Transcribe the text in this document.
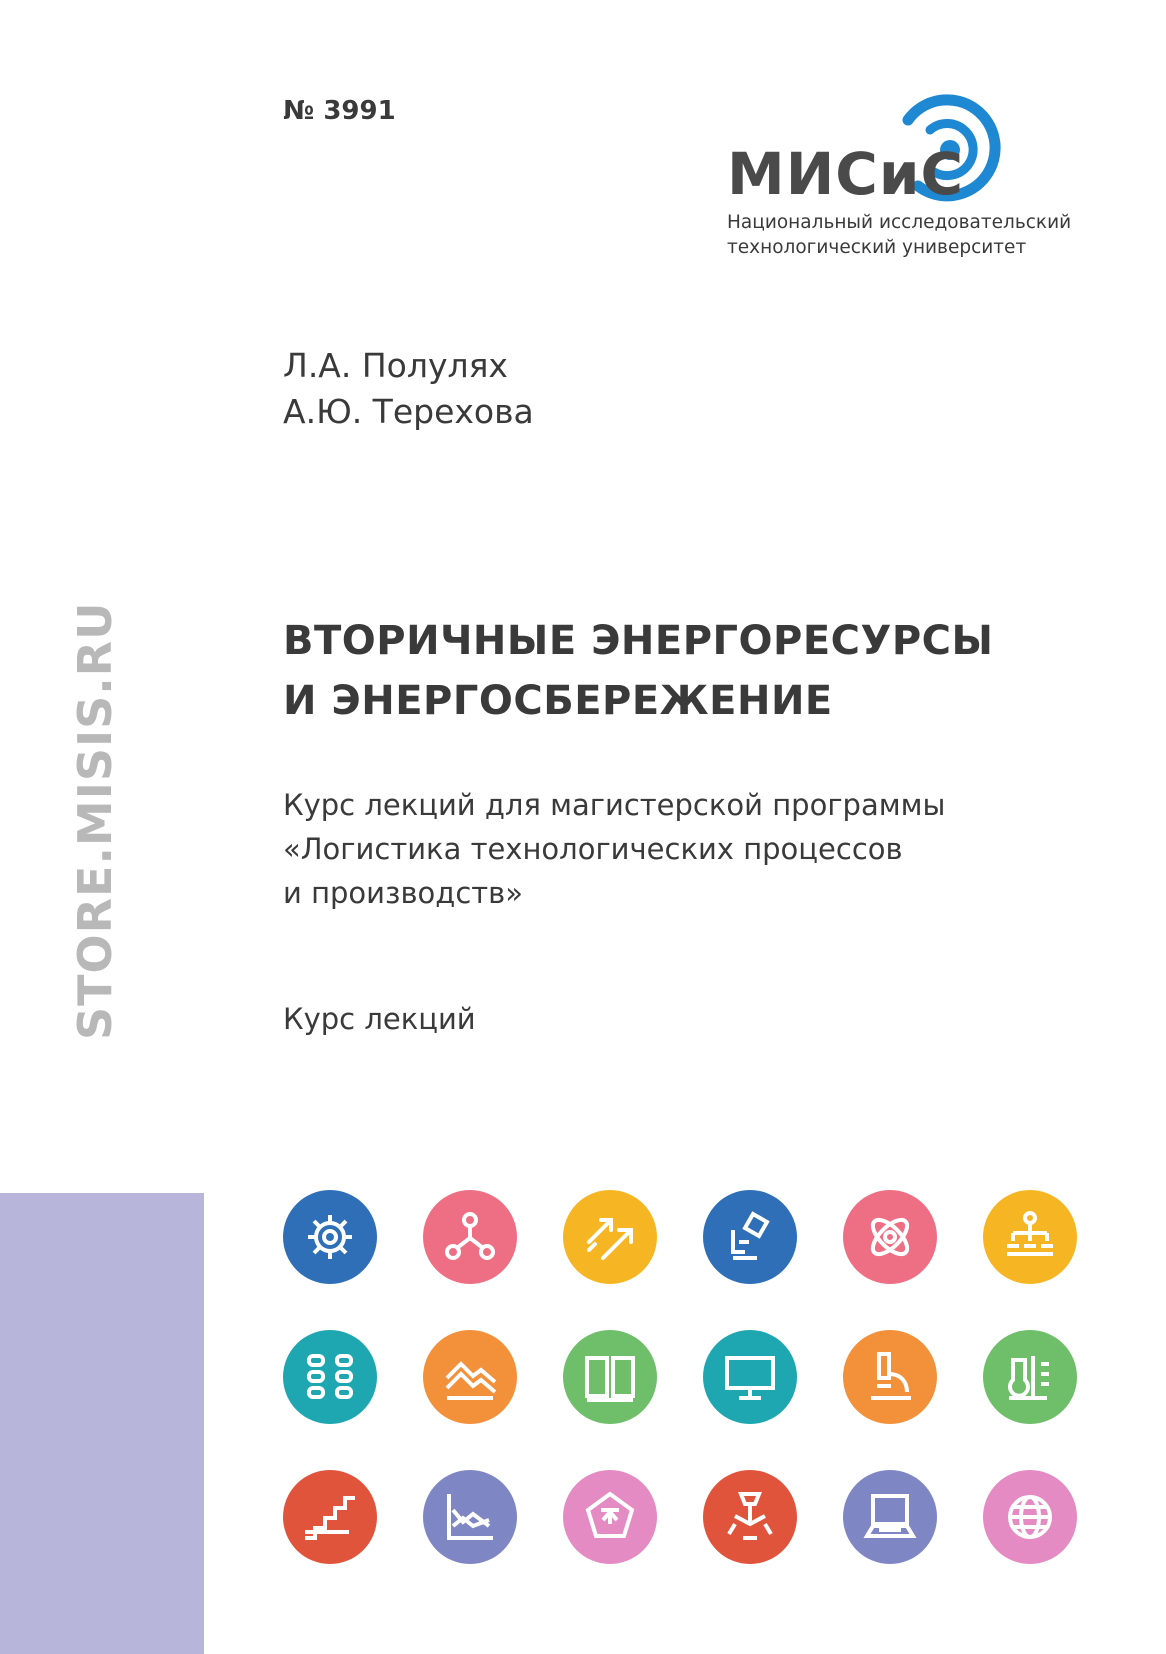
№ 3991
МИСиС
Национальный исследовательский
технологический университет
Л.А. Полулях
А.Ю. Терехова
ВТОРИЧНЫЕ ЭНЕРГОРЕСУРСЫ
И ЭНЕРГОСБЕРЕЖЕНИЕ
Курс лекций для магистерской программы
«Логистика технологических процессов
и производств»
Курс лекций
STORE.MISIS.RU
